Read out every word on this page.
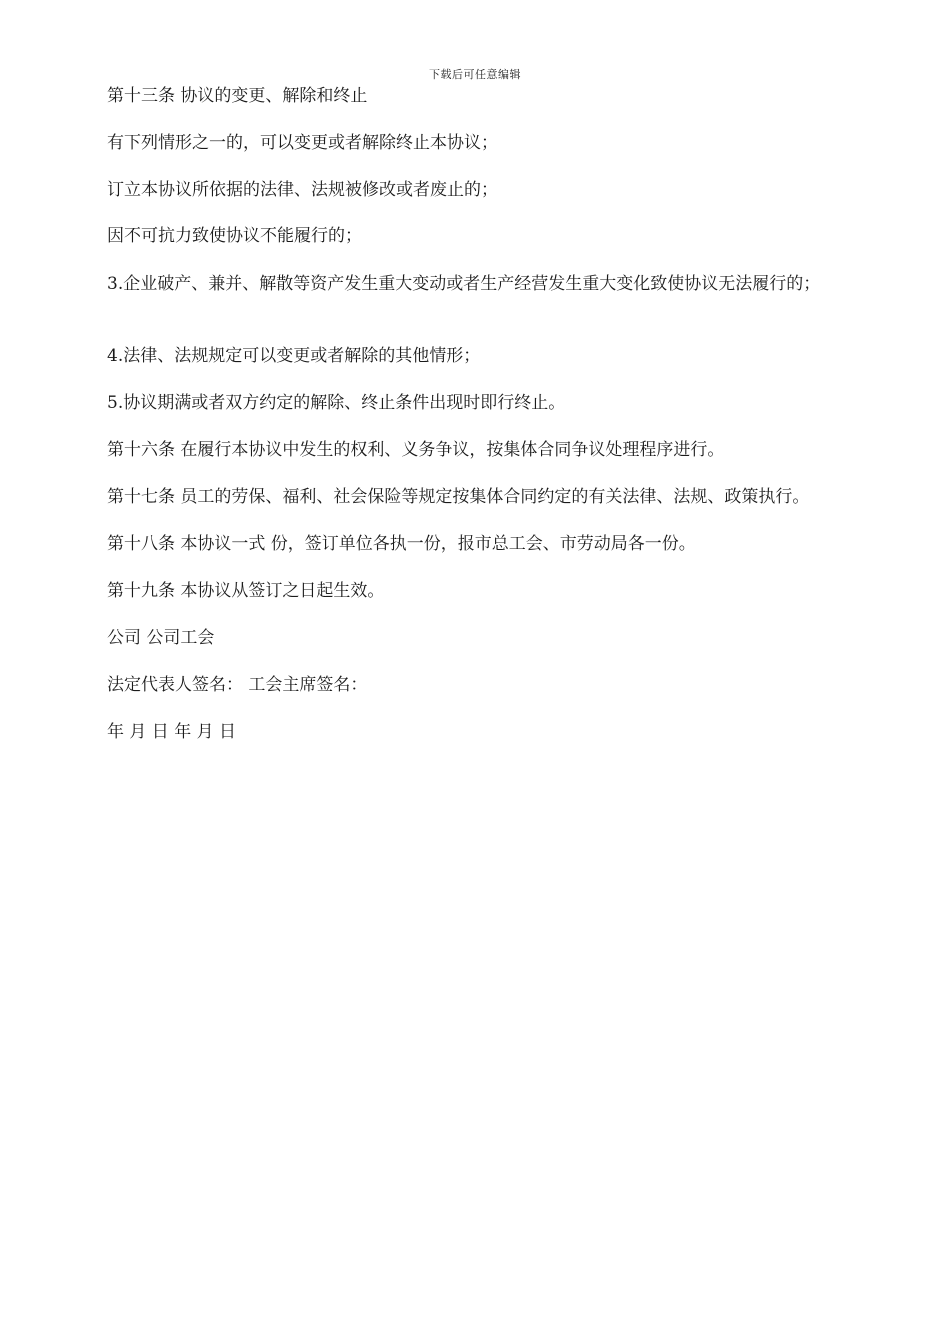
下载后可任意编辑
第十三条 协议的变更、解除和终止
有下列情形之一的，可以变更或者解除终止本协议；
订立本协议所依据的法律、法规被修改或者废止的；
因不可抗力致使协议不能履行的；
3.企业破产、兼并、解散等资产发生重大变动或者生产经营发生重大变化致使协议无法履行的；
4.法律、法规规定可以变更或者解除的其他情形；
5.协议期满或者双方约定的解除、终止条件出现时即行终止。
第十六条 在履行本协议中发生的权利、义务争议，按集体合同争议处理程序进行。
第十七条 员工的劳保、福利、社会保险等规定按集体合同约定的有关法律、法规、政策执行。
第十八条 本协议一式 份，签订单位各执一份，报市总工会、市劳动局各一份。
第十九条 本协议从签订之日起生效。
公司 公司工会
法定代表人签名： 工会主席签名：
年 月 日 年 月 日
